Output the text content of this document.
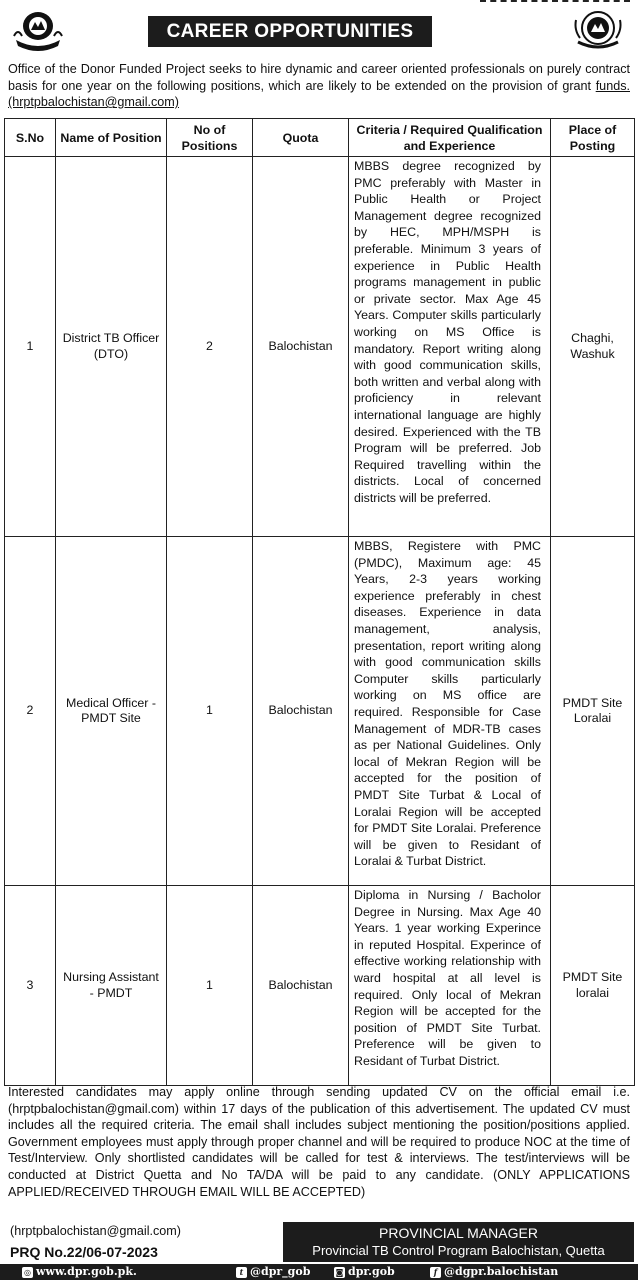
CAREER OPPORTUNITIES

Office of the Donor Funded Project seeks to hire dynamic and career oriented professionals on purely contract basis for one year on the following positions, which are likely to be extended on the provision of grant funds.(hrptpbalochistan@gmail.com)

S.No	Name of Position	No of Positions	Quota	Criteria / Required Qualification and Experience	Place of Posting
1	District TB Officer (DTO)	2	Balochistan	MBBS degree recognized by PMC preferably with Master in Public Health or Project Management degree recognized by HEC, MPH/MSPH is preferable. Minimum 3 years of experience in Public Health programs management in public or private sector. Max Age 45 Years. Computer skills particularly working on MS Office is mandatory. Report writing along with good communication skills, both written and verbal along with proficiency in relevant international language are highly desired. Experienced with the TB Program will be preferred. Job Required travelling within the districts. Local of concerned districts will be preferred.	Chaghi, Washuk
2	Medical Officer - PMDT Site	1	Balochistan	MBBS, Registere with PMC (PMDC), Maximum age: 45 Years, 2-3 years working experience preferably in chest diseases. Experience in data management, analysis, presentation, report writing along with good communication skills Computer skills particularly working on MS office are required. Responsible for Case Management of MDR-TB cases as per National Guidelines. Only local of Mekran Region will be accepted for the position of PMDT Site Turbat & Local of Loralai Region will be accepted for PMDT Site Loralai. Preference will be given to Residant of Loralai & Turbat District.	PMDT Site Loralai
3	Nursing Assistant - PMDT	1	Balochistan	Diploma in Nursing / Bacholor Degree in Nursing. Max Age 40 Years. 1 year working Experince in reputed Hospital. Experince of effective working relationship with ward hospital at all level is required. Only local of Mekran Region will be accepted for the position of PMDT Site Turbat. Preference will be given to Residant of Turbat District.	PMDT Site loralai

Interested candidates may apply online through sending updated CV on the official email i.e. (hrptpbalochistan@gmail.com) within 17 days of the publication of this advertisement. The updated CV must includes all the required criteria. The email shall includes subject mentioning the position/positions applied. Government employees must apply through proper channel and will be required to produce NOC at the time of Test/Interview. Only shortlisted candidates will be called for test & interviews. The test/interviews will be conducted at District Quetta and No TA/DA will be paid to any candidate. (ONLY APPLICATIONS APPLIED/RECEIVED THROUGH EMAIL WILL BE ACCEPTED)

(hrptpbalochistan@gmail.com)
PRQ No.22/06-07-2023
PROVINCIAL MANAGER
Provincial TB Control Program Balochistan, Quetta
◎ www.dpr.gob.pk.	t @dpr_gob	◙ dpr.gob	f @dgpr.balochistan
